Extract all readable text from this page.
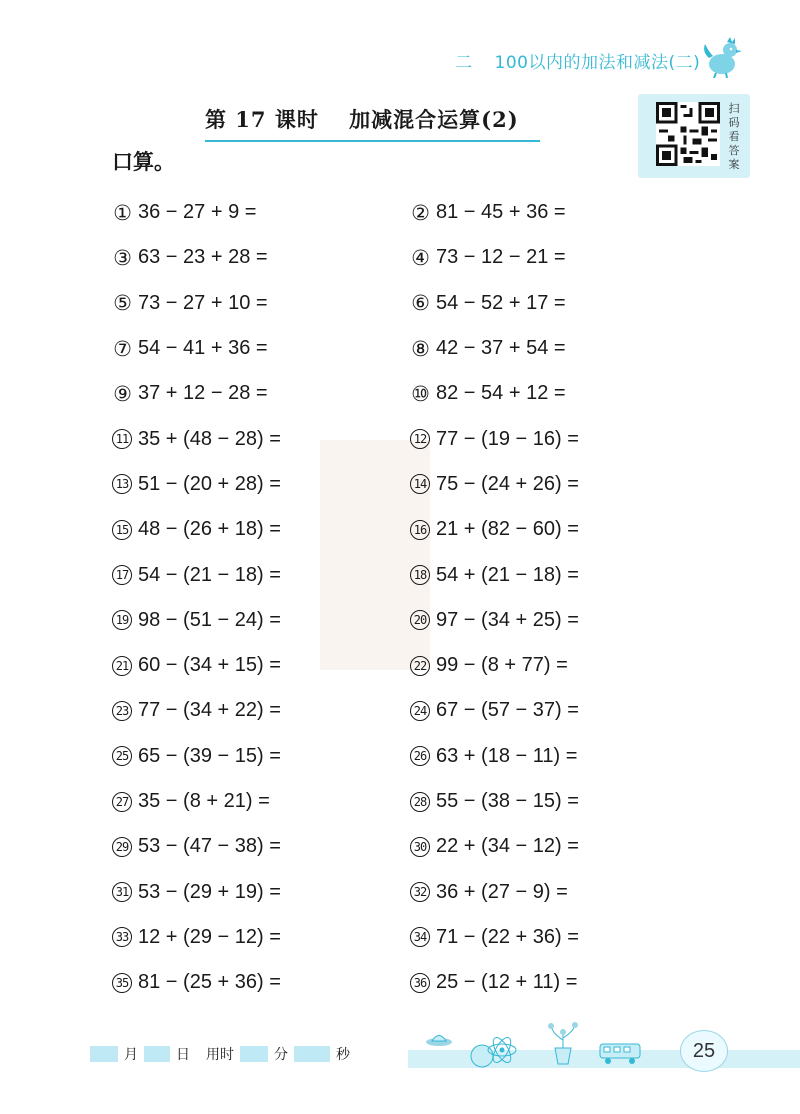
二 100以内的加法和减法(二)
第 17 课时　 加减混合运算(2)	扫码看答案
口算。
① 36 − 27 + 9 =	② 81 − 45 + 36 =
③ 63 − 23 + 28 =	④ 73 − 12 − 21 =
⑤ 73 − 27 + 10 =	⑥ 54 − 52 + 17 =
⑦ 54 − 41 + 36 =	⑧ 42 − 37 + 54 =
⑨ 37 + 12 − 28 =	⑩ 82 − 54 + 12 =
11 35 + (48 − 28) =	12 77 − (19 − 16) =
13 51 − (20 + 28) =	14 75 − (24 + 26) =
15 48 − (26 + 18) =	16 21 + (82 − 60) =
17 54 − (21 − 18) =	18 54 + (21 − 18) =
19 98 − (51 − 24) =	20 97 − (34 + 25) =
21 60 − (34 + 15) =	22 99 − (8 + 77) =
23 77 − (34 + 22) =	24 67 − (57 − 37) =
25 65 − (39 − 15) =	26 63 + (18 − 11) =
27 35 − (8 + 21) =	28 55 − (38 − 15) =
29 53 − (47 − 38) =	30 22 + (34 − 12) =
31 53 − (29 + 19) =	32 36 + (27 − 9) =
33 12 + (29 − 12) =	34 71 − (22 + 36) =
35 81 − (25 + 36) =	36 25 − (12 + 11) =
月	日 用时	分	秒	25
